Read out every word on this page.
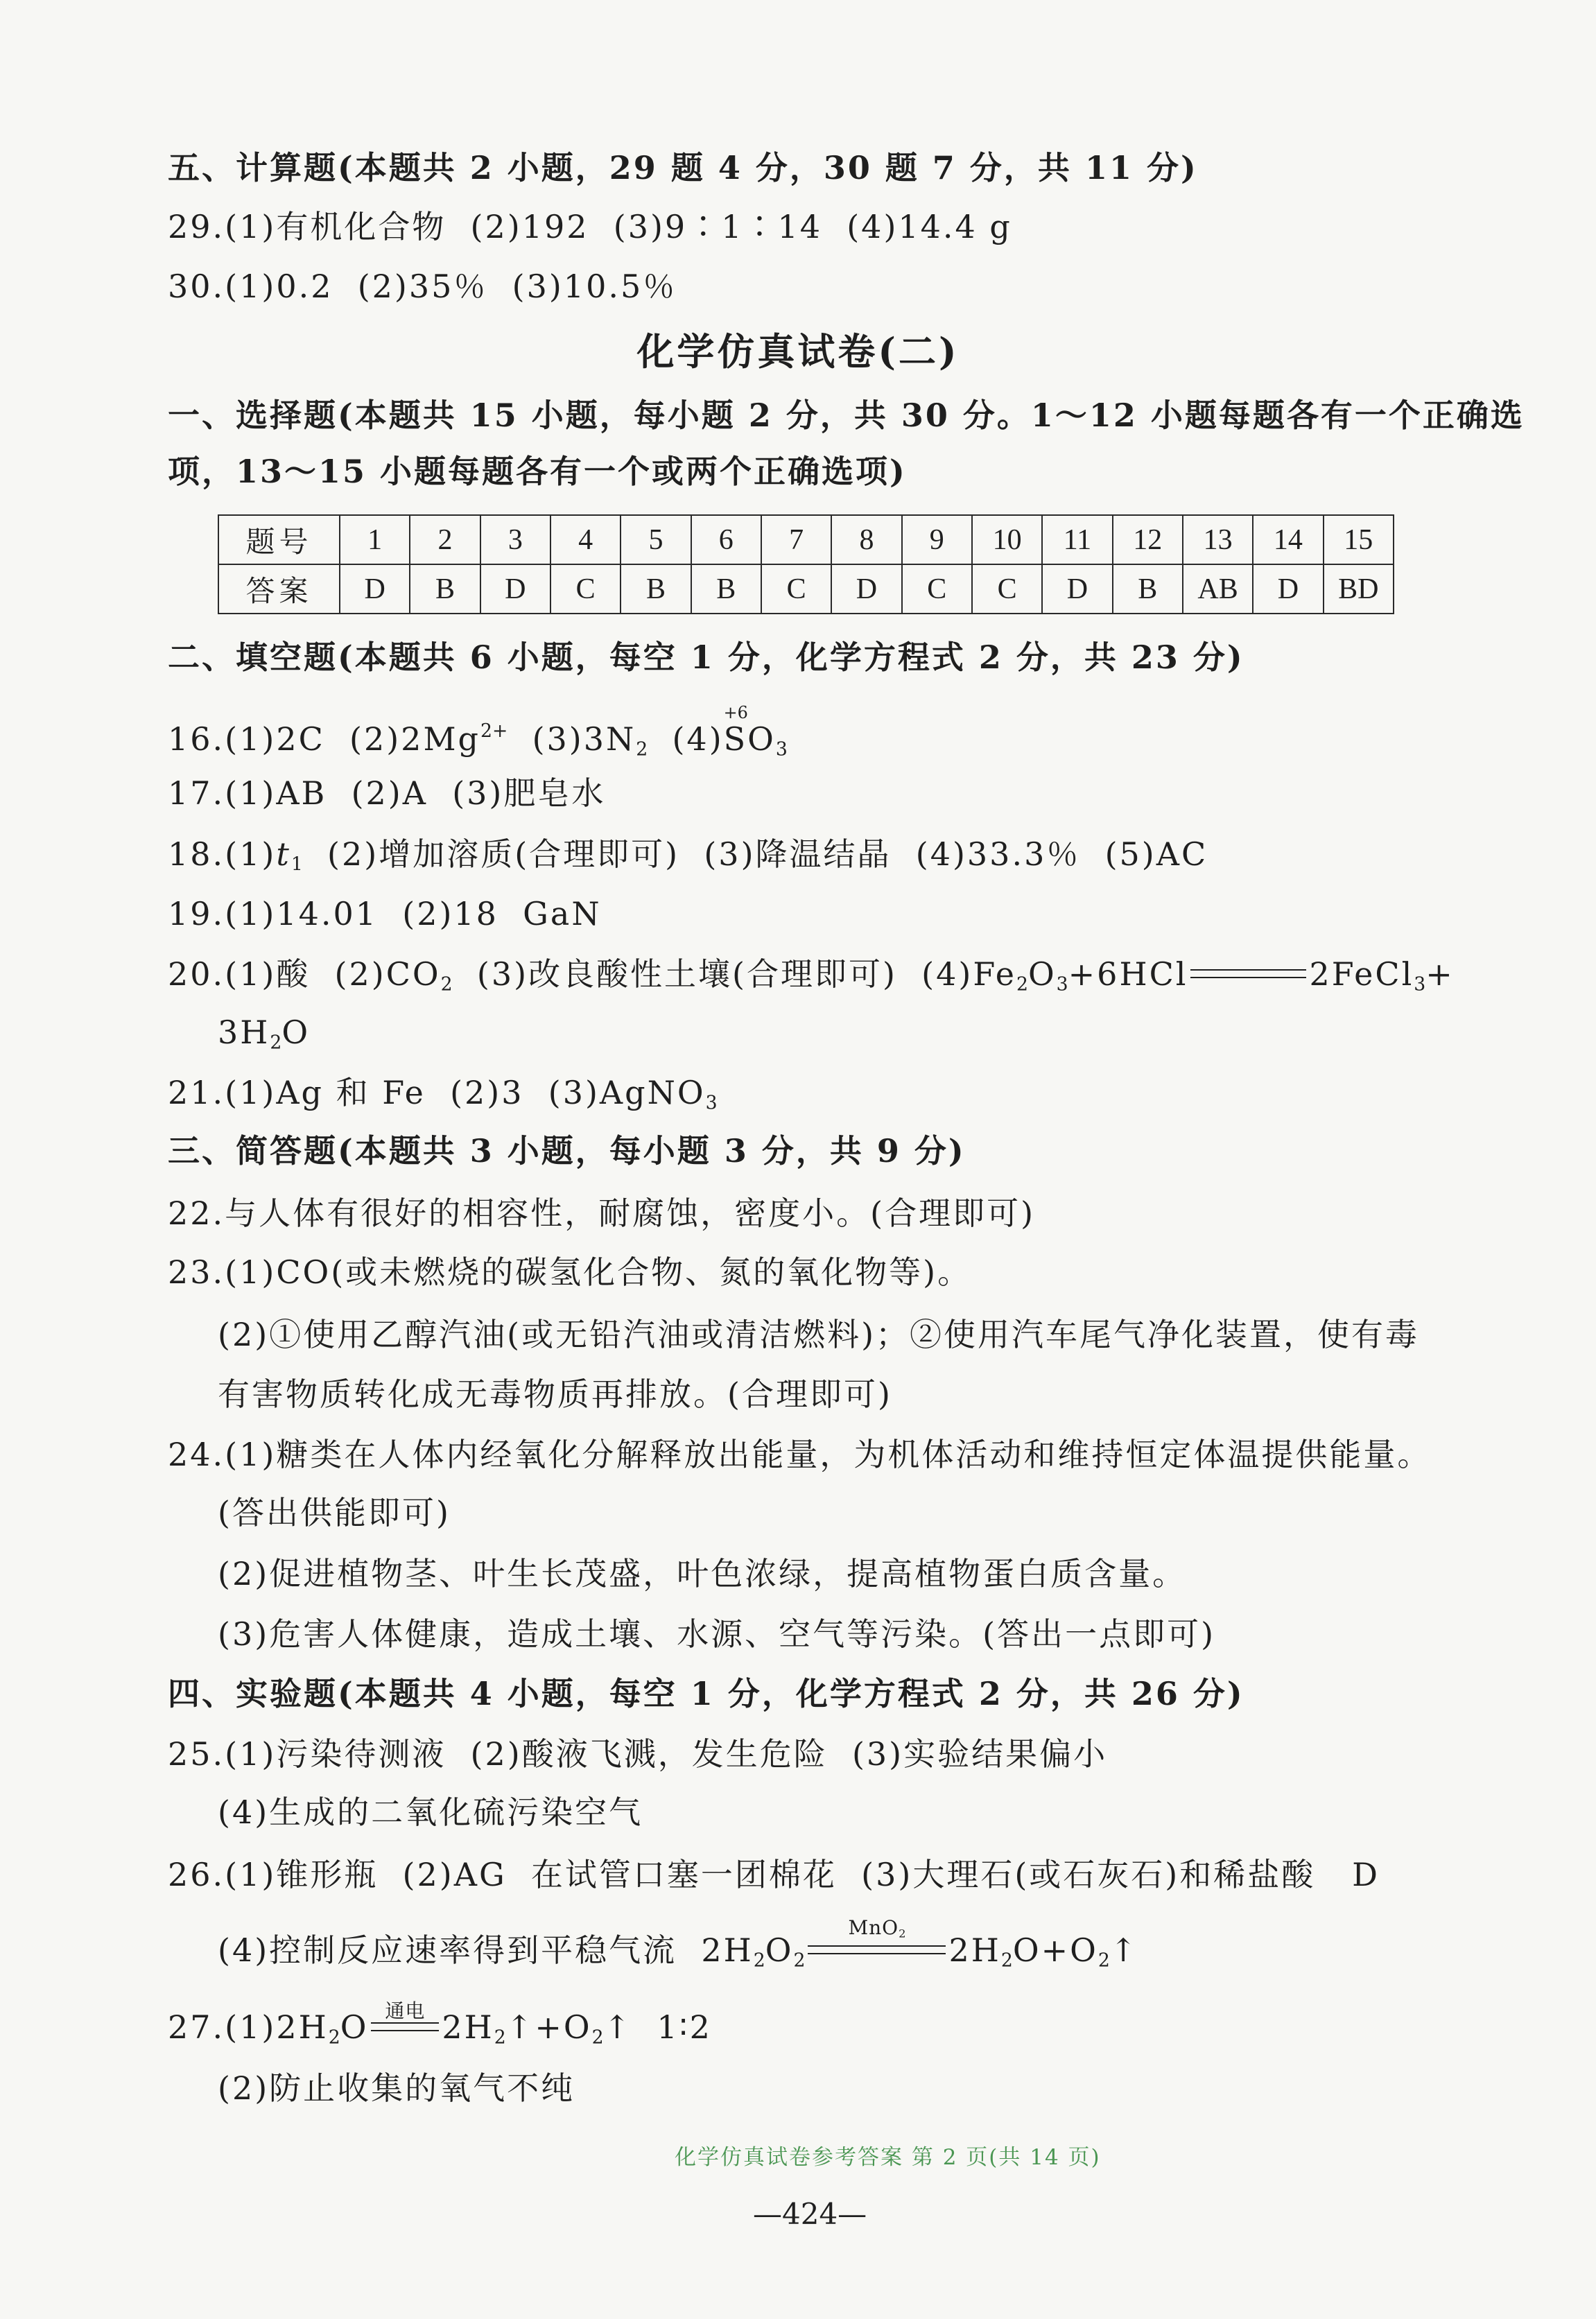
五、计算题(本题共 2 小题，29 题 4 分，30 题 7 分，共 11 分)
29.(1)有机化合物  (2)192  (3)9∶1∶14  (4)14.4 g
30.(1)0.2  (2)35％  (3)10.5％
化学仿真试卷(二)
一、选择题(本题共 15 小题，每小题 2 分，共 30 分。1～12 小题每题各有一个正确选
项，13～15 小题每题各有一个或两个正确选项)
题号	1	2	3	4	5	6	7	8	9	10	11	12	13	14	15
答案	D	B	D	C	B	B	C	D	C	C	D	B	AB	D	BD
二、填空题(本题共 6 小题，每空 1 分，化学方程式 2 分，共 23 分)
16.(1)2C  $(2)2Mg^{2+}$  $(3)3N_2$  (4)
+6
$SO_3$
17.(1)AB  (2)A  (3)肥皂水
$18.(1)t_1$  (2)增加溶质(合理即可)  (3)降温结晶  (4)33.3％  (5)AC
19.(1)14.01  (2)18  GaN
20.(1)酸  $(2)CO_2$  (3)改良酸性土壤(合理即可)  $(4)Fe_2O_3+6HCl$	2FeCl$_3$+
$3H_2O$
21.(1)Ag 和 Fe  (2)3  (3)AgNO$_3$
三、简答题(本题共 3 小题，每小题 3 分，共 9 分)
22.与人体有很好的相容性，耐腐蚀，密度小。(合理即可)
23.(1)CO(或未燃烧的碳氢化合物、氮的氧化物等)。
(2)①使用乙醇汽油(或无铅汽油或清洁燃料)；②使用汽车尾气净化装置，使有毒
有害物质转化成无毒物质再排放。(合理即可)
24.(1)糖类在人体内经氧化分解释放出能量，为机体活动和维持恒定体温提供能量。
(答出供能即可)
(2)促进植物茎、叶生长茂盛，叶色浓绿，提高植物蛋白质含量。
(3)危害人体健康，造成土壤、水源、空气等污染。(答出一点即可)
四、实验题(本题共 4 小题，每空 1 分，化学方程式 2 分，共 26 分)
25.(1)污染待测液  (2)酸液飞溅，发生危险  (3)实验结果偏小
(4)生成的二氧化硫污染空气
26.(1)锥形瓶  (2)AG  在试管口塞一团棉花  (3)大理石(或石灰石)和稀盐酸   D
(4)控制反应速率得到平稳气流  $2H_2O_2$
MnO$_2$	$2H_2O+O_2↑$
$27.(1)2H_2O$ 通电 $2H_2↑+O_2↑$  1∶2
(2)防止收集的氧气不纯
化学仿真试卷参考答案 第 2 页(共 14 页)
—424—
